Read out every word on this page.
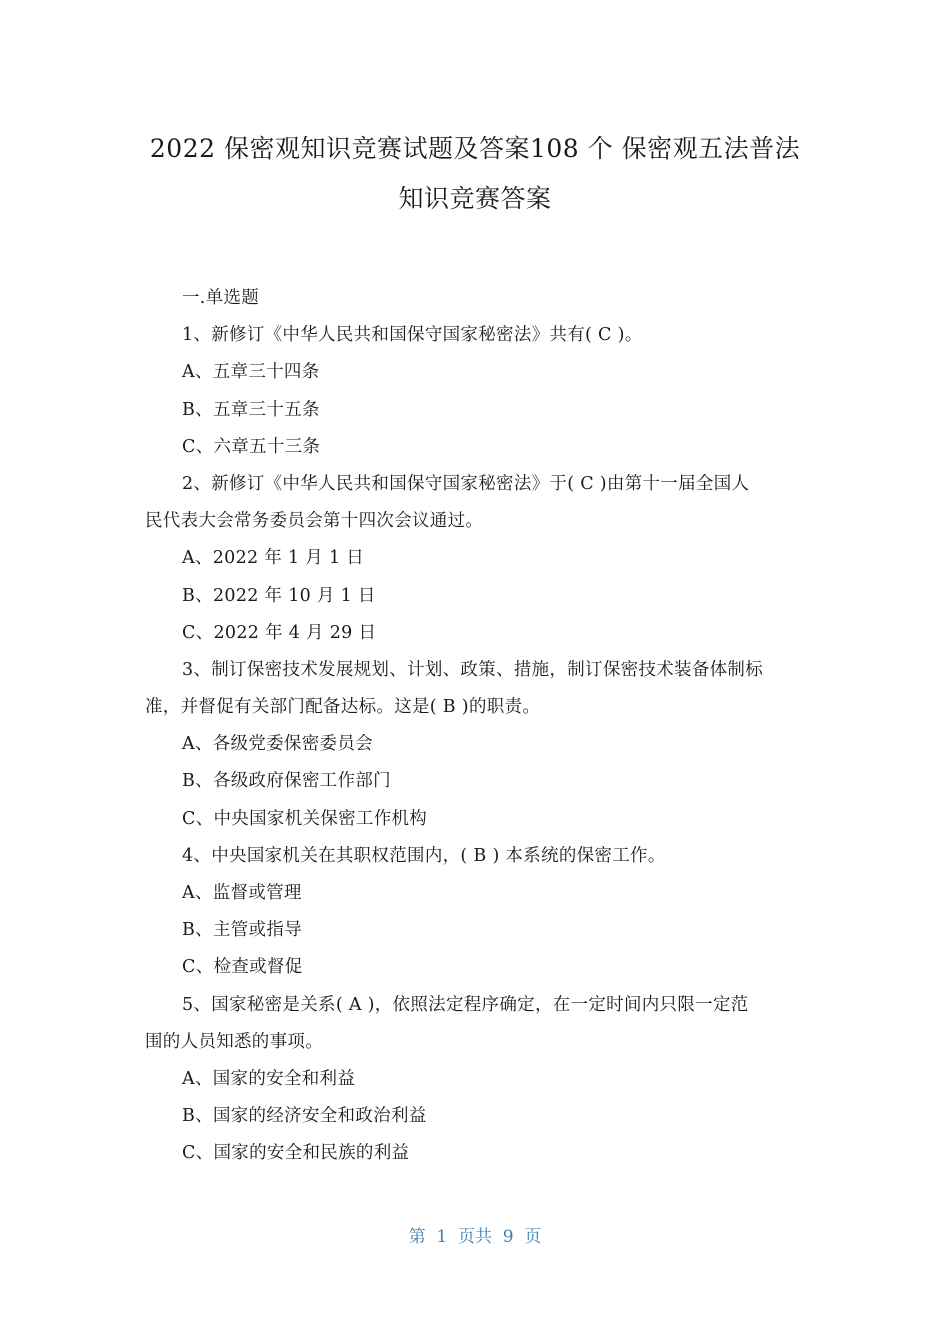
2022 保密观知识竞赛试题及答案108 个 保密观五法普法
知识竞赛答案
一.单选题
1、新修订《中华人民共和国保守国家秘密法》共有( C )。
A、五章三十四条
B、五章三十五条
C、六章五十三条
2、新修订《中华人民共和国保守国家秘密法》于( C )由第十一届全国人
民代表大会常务委员会第十四次会议通过。
A、2022 年 1 月 1 日
B、2022 年 10 月 1 日
C、2022 年 4 月 29 日
3、制订保密技术发展规划、计划、政策、措施，制订保密技术装备体制标
准，并督促有关部门配备达标。这是( B )的职责。
A、各级党委保密委员会
B、各级政府保密工作部门
C、中央国家机关保密工作机构
4、中央国家机关在其职权范围内，( B ) 本系统的保密工作。
A、监督或管理
B、主管或指导
C、检查或督促
5、国家秘密是关系( A )，依照法定程序确定，在一定时间内只限一定范
围的人员知悉的事项。
A、国家的安全和利益
B、国家的经济安全和政治利益
C、国家的安全和民族的利益
第  1  页共  9  页
